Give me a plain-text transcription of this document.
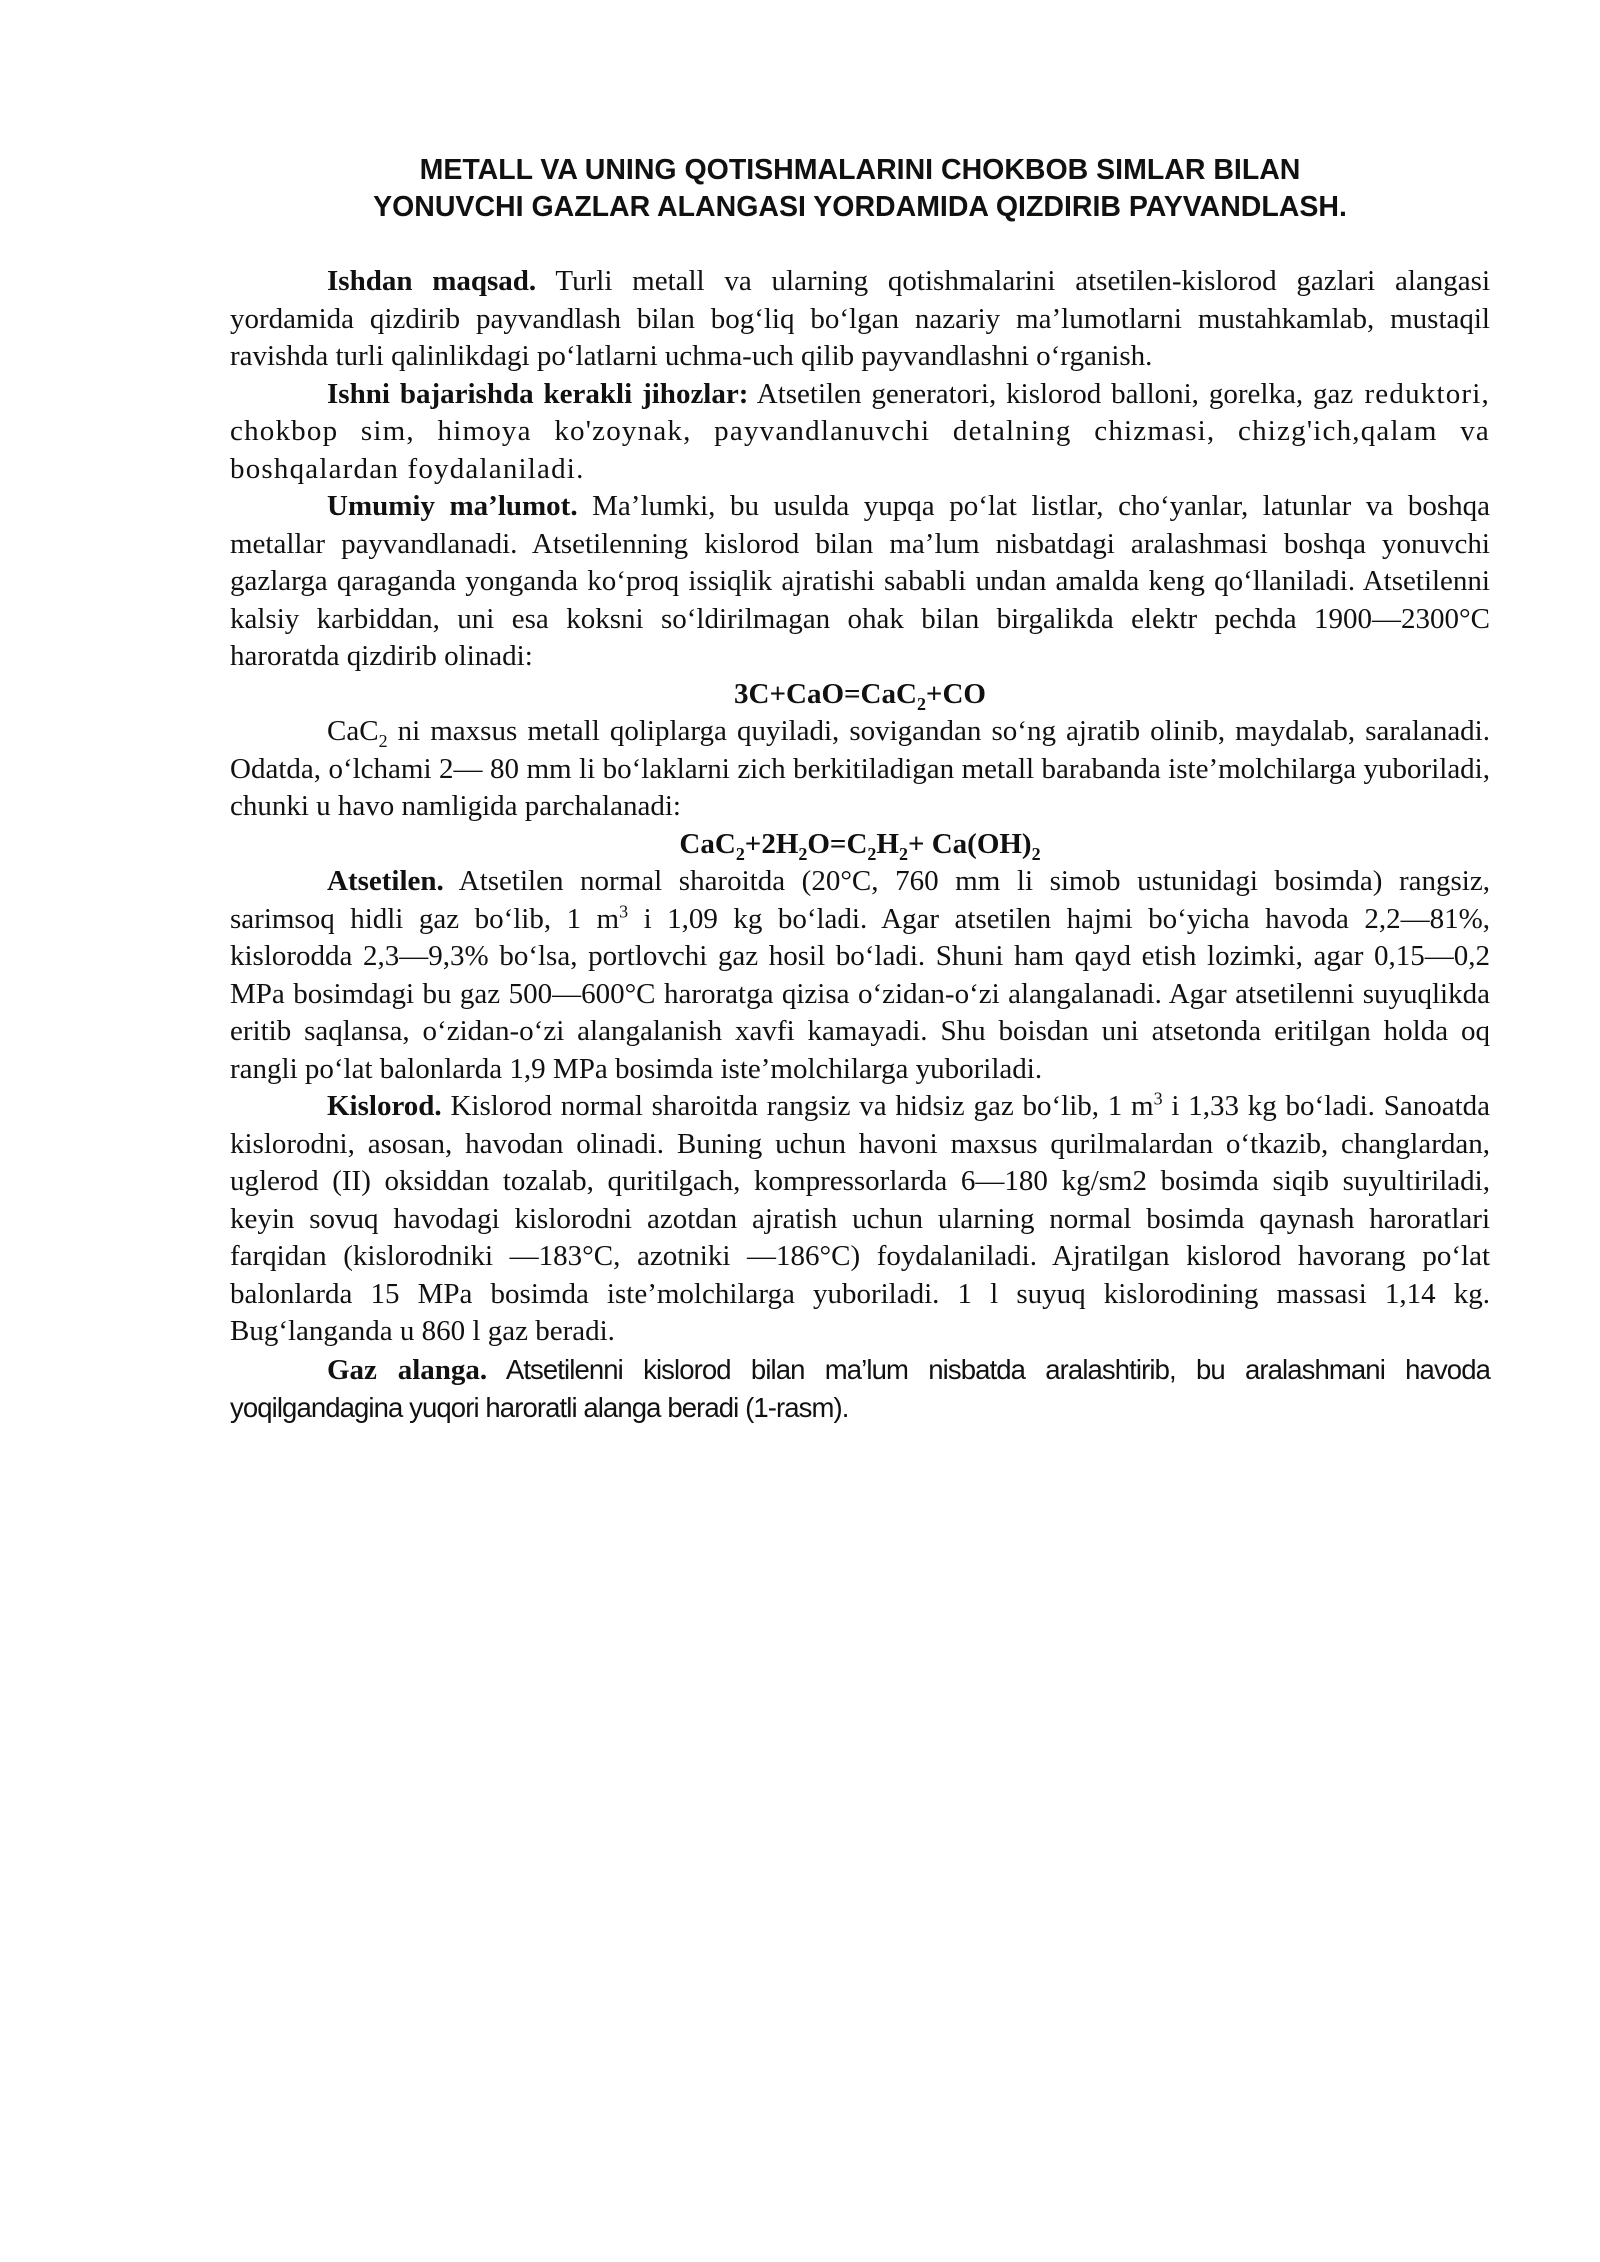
METALL VA UNING QOTISHMALARINI CHOKBOB SIMLAR BILAN
YONUVCHI GAZLAR ALANGASI YORDAMIDA QIZDIRIB PAYVANDLASH.

Ishdan maqsad. Turli metall va ularning qotishmalarini atsetilen-kislorod gazlari alangasi yordamida qizdirib payvandlash bilan bog‘liq bo‘lgan nazariy ma’lumotlarni mustahkamlab, mustaqil ravishda turli qalinlikdagi po‘latlarni uchma-uch qilib payvandlashni o‘rganish.

Ishni bajarishda kerakli jihozlar: Atsetilen generatori, kislorod balloni, gorelka, gaz reduktori, chokbop sim, himoya ko'zoynak, payvandlanuvchi detalning chizmasi, chizg'ich,qalam va boshqalardan foydalaniladi.

Umumiy ma’lumot. Ma’lumki, bu usulda yupqa po‘lat listlar, cho‘yanlar, latunlar va boshqa metallar payvandlanadi. Atsetilenning kislorod bilan ma’lum nisbatdagi aralashmasi boshqa yonuvchi gazlarga qaraganda yonganda ko‘proq issiqlik ajratishi sababli undan amalda keng qo‘llaniladi. Atsetilenni kalsiy karbiddan, uni esa koksni so‘ldirilmagan ohak bilan birgalikda elektr pechda 1900—2300°C haroratda qizdirib olinadi:

3C+CaO=CaC$_2$+CO

CaC$_2$ ni maxsus metall qoliplarga quyiladi, sovigandan so‘ng ajratib olinib, maydalab, saralanadi. Odatda, o‘lchami 2— 80 mm li bo‘laklarni zich berkitiladigan metall barabanda iste’molchilarga yuboriladi, chunki u havo namligida parchalanadi:

$CaC_2+2H_2O=C_2H_2+ Ca(OH)_2$

Atsetilen. Atsetilen normal sharoitda (20°C, 760 mm li simob ustunidagi bosimda) rangsiz, sarimsoq hidli gaz bo‘lib, 1 $m^3$ i 1,09 kg bo‘ladi. Agar atsetilen hajmi bo‘yicha havoda 2,2—81%, kislorodda 2,3—9,3% bo‘lsa, portlovchi gaz hosil bo‘ladi. Shuni ham qayd etish lozimki, agar 0,15—0,2 MPa bosimdagi bu gaz 500—600°C haroratga qizisa o‘zidan-o‘zi alangalanadi. Agar atsetilenni suyuqlikda eritib saqlansa, o‘zidan-o‘zi alangalanish xavfi kamayadi. Shu boisdan uni atsetonda eritilgan holda oq rangli po‘lat balonlarda 1,9 MPa bosimda iste’molchilarga yuboriladi.

Kislorod. Kislorod normal sharoitda rangsiz va hidsiz gaz bo‘lib, 1 $m^3$ i 1,33 kg bo‘ladi. Sanoatda kislorodni, asosan, havodan olinadi. Buning uchun havoni maxsus qurilmalardan o‘tkazib, changlardan, uglerod (II) oksiddan tozalab, quritilgach, kompressorlarda 6—180 kg/sm2 bosimda siqib suyultiriladi, keyin sovuq havodagi kislorodni azotdan ajratish uchun ularning normal bosimda qaynash haroratlari farqidan (kislorodniki —183°C, azotniki —186°C) foydalaniladi. Ajratilgan kislorod havorang po‘lat balonlarda 15 MPa bosimda iste’molchilarga yuboriladi. 1 l suyuq kislorodining massasi 1,14 kg. Bug‘langanda u 860 l gaz beradi.

Gaz alanga. Atsetilenni kislorod bilan ma’lum nisbatda aralashtirib, bu aralashmani havoda yoqilgandagina yuqori haroratli alanga beradi (1-rasm).
